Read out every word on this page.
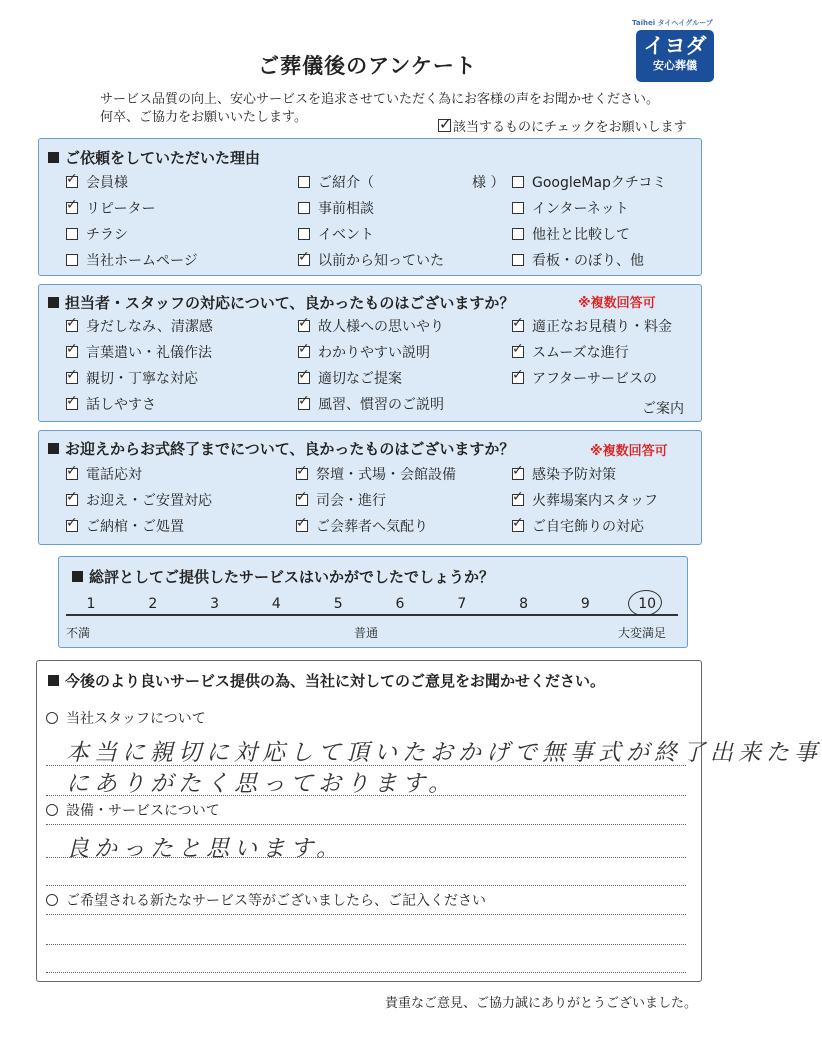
ご葬儀後のアンケート
サービス品質の向上、安心サービスを追求させていただく為にお客様の声をお聞かせください。
何卒、ご協力をお願いいたします。
✓
該当するものにチェックをお願いします
Taihei タイヘイグループ
イヨダ
安心葬儀
ご依頼をしていただいた理由
担当者・スタッフの対応について、良かったものはございますか？	※複数回答可
ご案内
お迎えからお式終了までについて、良かったものはございますか？	※複数回答可
総評としてご提供したサービスはいかがでしたでしょうか？
不満	普通	大変満足
今後のより良いサービス提供の為、当社に対してのご意見をお聞かせください。
当社スタッフについて
本当に親切に対応して頂いたおかげで無事式が終了出来た事
にありがたく思っております。
設備・サービスについて
良かったと思います。
ご希望される新たなサービス等がございましたら、ご記入ください
貴重なご意見、ご協力誠にありがとうございました。
✓
会員様
✓
リピーター
チラシ
当社ホームページ
ご紹介（　　　　　　　様 ）
事前相談
イベント
✓
以前から知っていた
GoogleMapクチコミ
インターネット
他社と比較して
看板・のぼり、他
✓
身だしなみ、清潔感
✓
言葉遣い・礼儀作法
✓
親切・丁寧な対応
✓
話しやすさ
✓
故人様への思いやり
✓
わかりやすい説明
✓
適切なご提案
✓
風習、慣習のご説明
✓
適正なお見積り・料金
✓
スムーズな進行
✓
アフターサービスの
✓
電話応対
✓
お迎え・ご安置対応
✓
ご納棺・ご処置
✓
祭壇・式場・会館設備
✓
司会・進行
✓
ご会葬者へ気配り
✓
感染予防対策
✓
火葬場案内スタッフ
✓
ご自宅飾りの対応
1	2	3	4	5	6	7	8	9	10
